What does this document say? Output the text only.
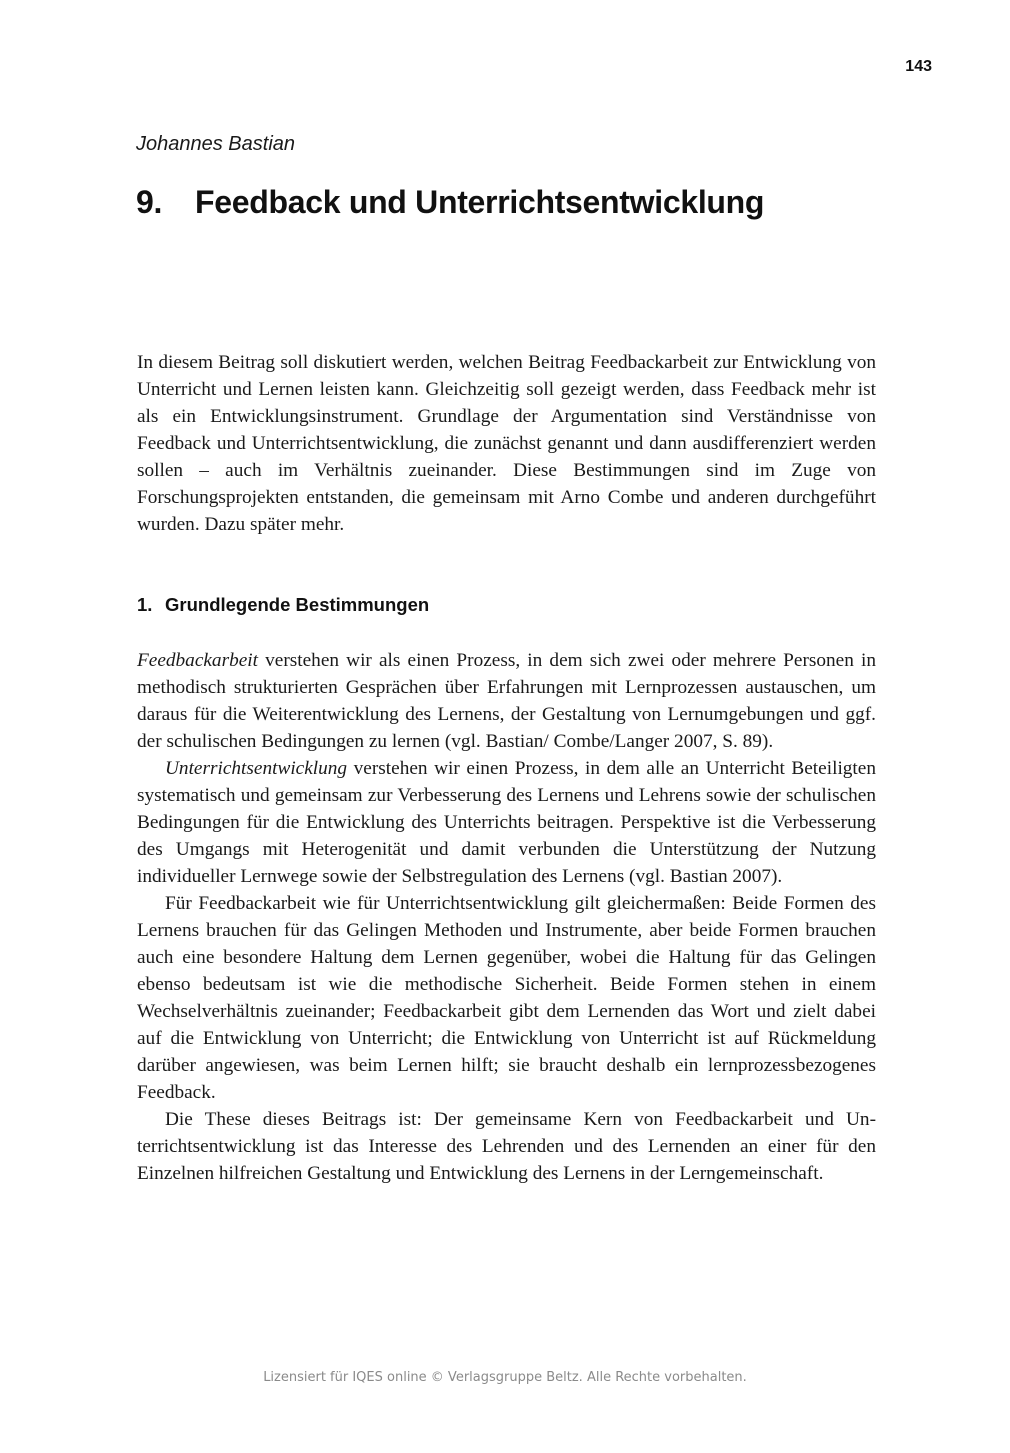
143
Johannes Bastian
9. Feedback und Unterrichtsentwicklung

In diesem Beitrag soll diskutiert werden, welchen Beitrag Feedbackarbeit zur Entwicklung von Unterricht und Lernen leisten kann. Gleichzeitig soll gezeigt werden, dass Feedback mehr ist als ein Entwicklungsinstrument. Grundlage der Argumentation sind Verständnisse von Feedback und Unterrichtsentwicklung, die zunächst genannt und dann ausdifferenziert werden sollen – auch im Verhältnis zueinander. Diese Bestimmungen sind im Zuge von Forschungsprojekten entstanden, die gemeinsam mit Arno Combe und anderen durchgeführt wurden. Dazu später mehr.

1. Grundlegende Bestimmungen

Feedbackarbeit verstehen wir als einen Prozess, in dem sich zwei oder mehrere Personen in methodisch strukturierten Gesprächen über Erfahrungen mit Lernprozessen austauschen, um daraus für die Weiterentwicklung des Lernens, der Gestaltung von Lernumgebungen und ggf. der schulischen Bedingungen zu lernen (vgl. Bastian/ Combe/Langer 2007, S. 89).

Unterrichtsentwicklung verstehen wir einen Prozess, in dem alle an Unterricht Beteiligten systematisch und gemeinsam zur Verbesserung des Lernens und Lehrens sowie der schulischen Bedingungen für die Entwicklung des Unterrichts beitragen. Perspektive ist die Verbesserung des Umgangs mit Heterogenität und damit verbunden die Unterstützung der Nutzung individueller Lernwege sowie der Selbstregulation des Lernens (vgl. Bastian 2007).

Für Feedbackarbeit wie für Unterrichtsentwicklung gilt gleichermaßen: Beide Formen des Lernens brauchen für das Gelingen Methoden und Instrumente, aber beide Formen brauchen auch eine besondere Haltung dem Lernen gegenüber, wobei die Haltung für das Gelingen ebenso bedeutsam ist wie die methodische Sicherheit. Beide Formen stehen in einem Wechselverhältnis zueinander; Feedbackarbeit gibt dem Lernenden das Wort und zielt dabei auf die Entwicklung von Unterricht; die Entwicklung von Unterricht ist auf Rückmeldung darüber angewiesen, was beim Lernen hilft; sie braucht deshalb ein lernprozessbezogenes Feedback.

Die These dieses Beitrags ist: Der gemeinsame Kern von Feedbackarbeit und Unterrichtsentwicklung ist das Interesse des Lehrenden und des Lernenden an einer für den Einzelnen hilfreichen Gestaltung und Entwicklung des Lernens in der Lerngemeinschaft.

Lizensiert für IQES online © Verlagsgruppe Beltz. Alle Rechte vorbehalten.
